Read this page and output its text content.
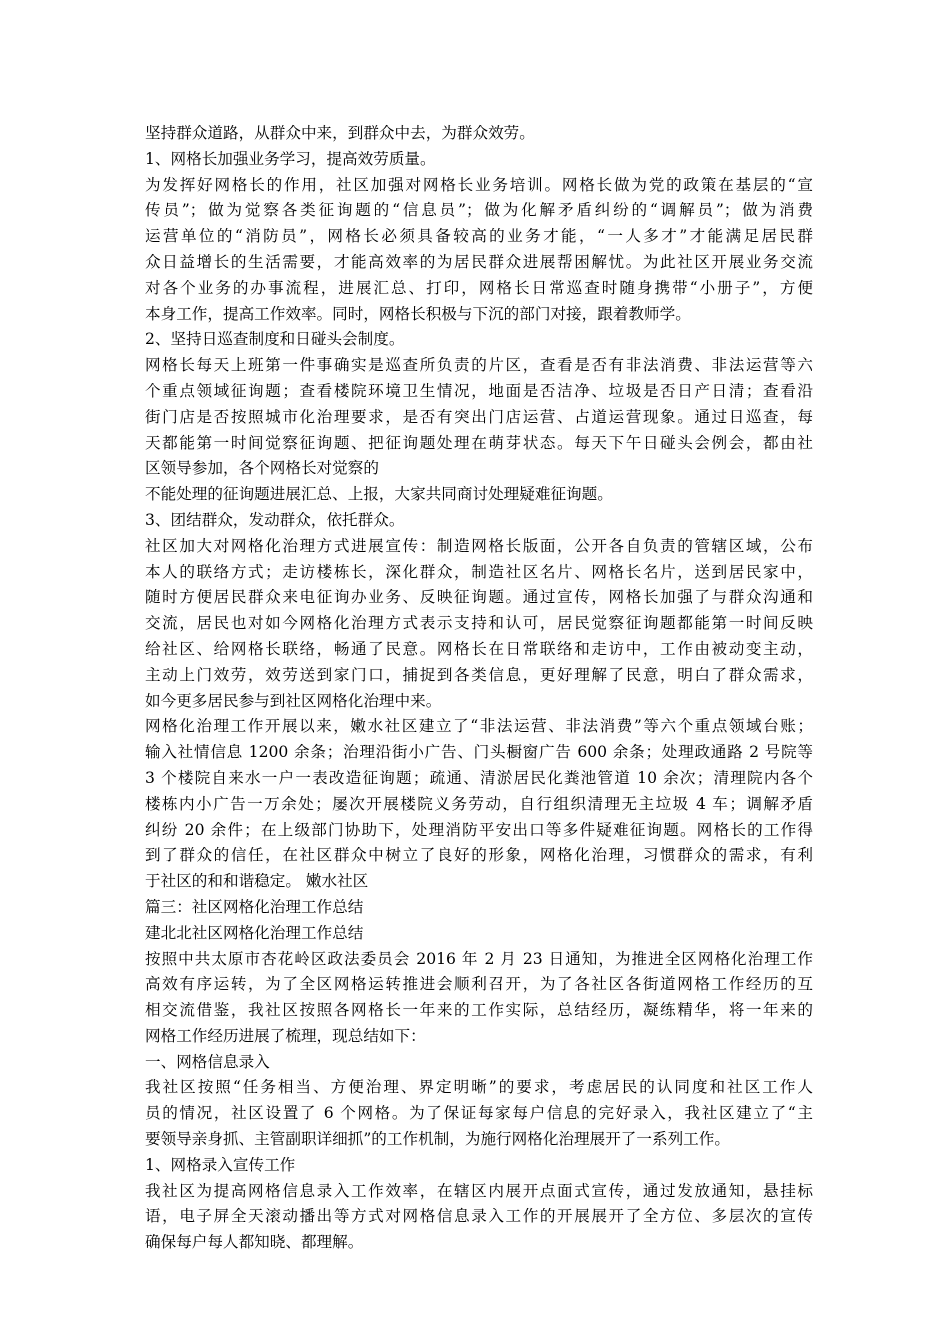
坚持群众道路，从群众中来，到群众中去，为群众效劳。
1、网格长加强业务学习，提高效劳质量。
为发挥好网格长的作用，社区加强对网格长业务培训。网格长做为党的政策在基层的“宣
传员”；做为觉察各类征询题的“信息员”；做为化解矛盾纠纷的“调解员”；做为消费
运营单位的“消防员”，网格长必须具备较高的业务才能，“一人多才”才能满足居民群
众日益增长的生活需要，才能高效率的为居民群众进展帮困解忧。为此社区开展业务交流
对各个业务的办事流程，进展汇总、打印，网格长日常巡查时随身携带“小册子”，方便
本身工作，提高工作效率。同时，网格长积极与下沉的部门对接，跟着教师学。
2、坚持日巡查制度和日碰头会制度。
网格长每天上班第一件事确实是巡查所负责的片区，查看是否有非法消费、非法运营等六
个重点领域征询题；查看楼院环境卫生情况，地面是否洁净、垃圾是否日产日清；查看沿
街门店是否按照城市化治理要求，是否有突出门店运营、占道运营现象。通过日巡查，每
天都能第一时间觉察征询题、把征询题处理在萌芽状态。每天下午日碰头会例会，都由社
区领导参加，各个网格长对觉察的
不能处理的征询题进展汇总、上报，大家共同商讨处理疑难征询题。
3、团结群众，发动群众，依托群众。
社区加大对网格化治理方式进展宣传：制造网格长版面，公开各自负责的管辖区域，公布
本人的联络方式；走访楼栋长，深化群众，制造社区名片、网格长名片，送到居民家中，
随时方便居民群众来电征询办业务、反映征询题。通过宣传，网格长加强了与群众沟通和
交流，居民也对如今网格化治理方式表示支持和认可，居民觉察征询题都能第一时间反映
给社区、给网格长联络，畅通了民意。网格长在日常联络和走访中，工作由被动变主动，
主动上门效劳，效劳送到家门口，捕捉到各类信息，更好理解了民意，明白了群众需求，
如今更多居民参与到社区网格化治理中来。
网格化治理工作开展以来，嫩水社区建立了“非法运营、非法消费”等六个重点领域台账；
输入社情信息 1200 余条；治理沿街小广告、门头橱窗广告 600 余条；处理政通路 2 号院等
3 个楼院自来水一户一表改造征询题；疏通、清淤居民化粪池管道 10 余次；清理院内各个
楼栋内小广告一万余处；屡次开展楼院义务劳动，自行组织清理无主垃圾 4 车；调解矛盾
纠纷 20 余件；在上级部门协助下，处理消防平安出口等多件疑难征询题。网格长的工作得
到了群众的信任，在社区群众中树立了良好的形象，网格化治理，习惯群众的需求，有利
于社区的和和谐稳定。 嫩水社区
篇三：社区网格化治理工作总结
建北北社区网格化治理工作总结
按照中共太原市杏花岭区政法委员会 2016 年 2 月 23 日通知，为推进全区网格化治理工作
高效有序运转，为了全区网格运转推进会顺利召开，为了各社区各街道网格工作经历的互
相交流借鉴，我社区按照各网格长一年来的工作实际，总结经历，凝练精华，将一年来的
网格工作经历进展了梳理，现总结如下：
一、网格信息录入
我社区按照“任务相当、方便治理、界定明晰”的要求，考虑居民的认同度和社区工作人
员的情况，社区设置了 6 个网格。为了保证每家每户信息的完好录入，我社区建立了“主
要领导亲身抓、主管副职详细抓”的工作机制，为施行网格化治理展开了一系列工作。
1、网格录入宣传工作
我社区为提高网格信息录入工作效率，在辖区内展开点面式宣传，通过发放通知，悬挂标
语，电子屏全天滚动播出等方式对网格信息录入工作的开展展开了全方位、多层次的宣传
确保每户每人都知晓、都理解。
